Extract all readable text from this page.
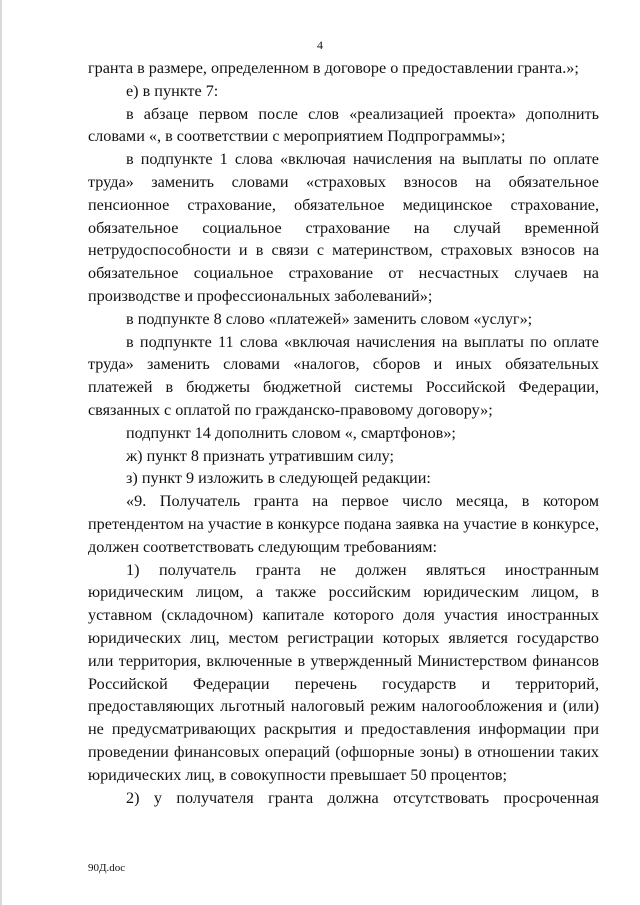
4

гранта в размере, определенном в договоре о предоставлении гранта.»;

е) в пункте 7:

в абзаце первом после слов «реализацией проекта» дополнить словами «, в соответствии с мероприятием Подпрограммы»;

в подпункте 1 слова «включая начисления на выплаты по оплате труда» заменить словами «страховых взносов на обязательное пенсионное страхование, обязательное медицинское страхование, обязательное социальное страхование на случай временной нетрудоспособности и в связи с материнством, страховых взносов на обязательное социальное страхование от несчастных случаев на производстве и профессиональных заболеваний»;

в подпункте 8 слово «платежей» заменить словом «услуг»;

в подпункте 11 слова «включая начисления на выплаты по оплате труда» заменить словами «налогов, сборов и иных обязательных платежей в бюджеты бюджетной системы Российской Федерации, связанных с оплатой по гражданско-правовому договору»;

подпункт 14 дополнить словом «, смартфонов»;

ж) пункт 8 признать утратившим силу;

з) пункт 9 изложить в следующей редакции:

«9. Получатель гранта на первое число месяца, в котором претендентом на участие в конкурсе подана заявка на участие в конкурсе, должен соответствовать следующим требованиям:

1) получатель гранта не должен являться иностранным юридическим лицом, а также российским юридическим лицом, в уставном (складочном) капитале которого доля участия иностранных юридических лиц, местом регистрации которых является государство или территория, включенные в утвержденный Министерством финансов Российской Федерации перечень государств и территорий, предоставляющих льготный налоговый режим налогообложения и (или) не предусматривающих раскрытия и предоставления информации при проведении финансовых операций (офшорные зоны) в отношении таких юридических лиц, в совокупности превышает 50 процентов;

2) у получателя гранта должна отсутствовать просроченная

90Д.doc
